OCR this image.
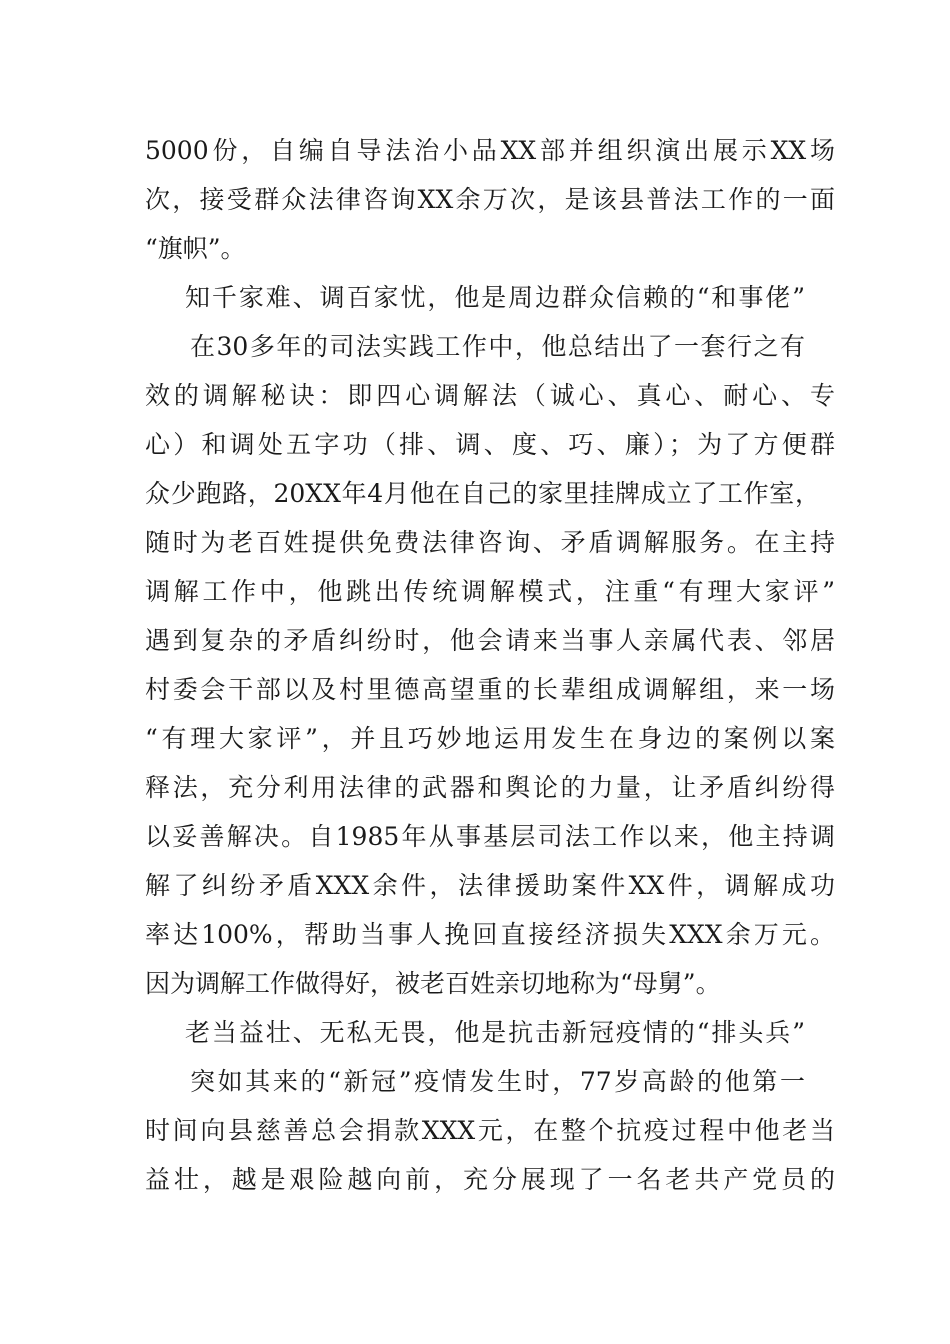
5000份，自编自导法治小品XX部并组织演出展示XX场
次，接受群众法律咨询XX余万次，是该县普法工作的一面
“旗帜”。
知千家难、调百家忧，他是周边群众信赖的“和事佬”
在30多年的司法实践工作中，他总结出了一套行之有
效的调解秘诀：即四心调解法（诚心、真心、耐心、专
心）和调处五字功（排、调、度、巧、廉）；为了方便群
众少跑路，20XX年4月他在自己的家里挂牌成立了工作室，
随时为老百姓提供免费法律咨询、矛盾调解服务。在主持
调解工作中，他跳出传统调解模式，注重“有理大家评”
遇到复杂的矛盾纠纷时，他会请来当事人亲属代表、邻居
村委会干部以及村里德高望重的长辈组成调解组，来一场
“有理大家评”，并且巧妙地运用发生在身边的案例以案
释法，充分利用法律的武器和舆论的力量，让矛盾纠纷得
以妥善解决。自1985年从事基层司法工作以来，他主持调
解了纠纷矛盾XXX余件，法律援助案件XX件，调解成功
率达100%，帮助当事人挽回直接经济损失XXX余万元。
因为调解工作做得好，被老百姓亲切地称为“母舅”。
老当益壮、无私无畏，他是抗击新冠疫情的“排头兵”
突如其来的“新冠”疫情发生时，77岁高龄的他第一
时间向县慈善总会捐款XXX元，在整个抗疫过程中他老当
益壮，越是艰险越向前，充分展现了一名老共产党员的
